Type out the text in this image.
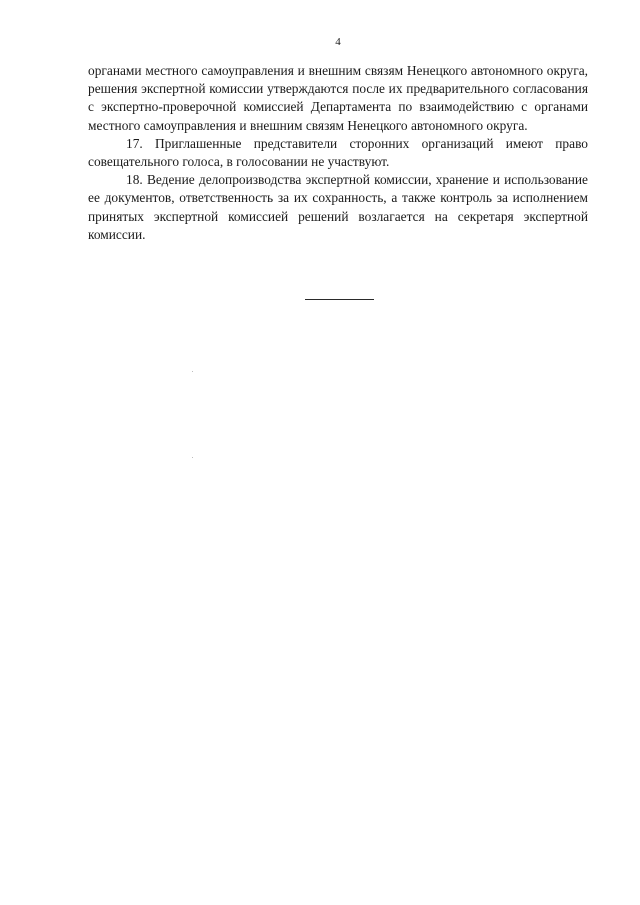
4

органами местного самоуправления и внешним связям Ненецкого автономного округа, решения экспертной комиссии утверждаются после их предварительного согласования с экспертно-проверочной комиссией Департамента по взаимодействию с органами местного самоуправления и внешним связям Ненецкого автономного округа.

17. Приглашенные представители сторонних организаций имеют право совещательного голоса, в голосовании не участвуют.

18. Ведение делопроизводства экспертной комиссии, хранение и использование ее документов, ответственность за их сохранность, а также контроль за исполнением принятых экспертной комиссией решений возлагается на секретаря экспертной комиссии.
